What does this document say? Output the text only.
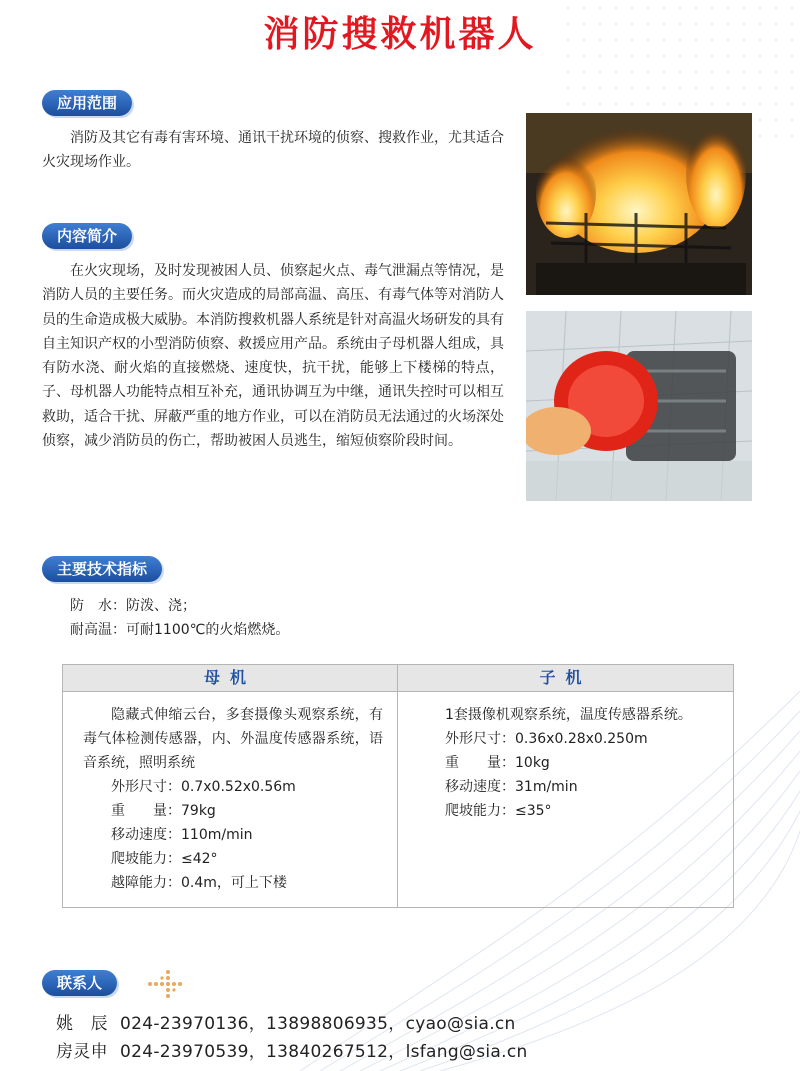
消防搜救机器人
应用范围
消防及其它有毒有害环境、通讯干扰环境的侦察、搜救作业，尤其适合火灾现场作业。
内容简介
在火灾现场，及时发现被困人员、侦察起火点、毒气泄漏点等情况，是消防人员的主要任务。而火灾造成的局部高温、高压、有毒气体等对消防人员的生命造成极大威胁。本消防搜救机器人系统是针对高温火场研发的具有自主知识产权的小型消防侦察、救援应用产品。系统由子母机器人组成，具有防水浇、耐火焰的直接燃烧、速度快，抗干扰，能够上下楼梯的特点，子、母机器人功能特点相互补充，通讯协调互为中继，通讯失控时可以相互救助，适合干扰、屏蔽严重的地方作业，可以在消防员无法通过的火场深处侦察，减少消防员的伤亡，帮助被困人员逃生，缩短侦察阶段时间。
主要技术指标
防　水：防泼、浇；
耐高温：可耐1100℃的火焰燃烧。
母机	子机
隐藏式伸缩云台，多套摄像头观察系统，有毒气体检测传感器，内、外温度传感器系统，语音系统，照明系统
外形尺寸：0.7x0.52x0.56m
重　　量：79kg
移动速度：110m/min
爬坡能力：≤42°
越障能力：0.4m，可上下楼
1套摄像机观察系统，温度传感器系统。
外形尺寸：0.36x0.28x0.250m
重　　量：10kg
移动速度：31m/min
爬坡能力：≤35°
联系人
姚　辰 024-23970136，13898806935，cyao@sia.cn
房灵申 024-23970539，13840267512，lsfang@sia.cn
